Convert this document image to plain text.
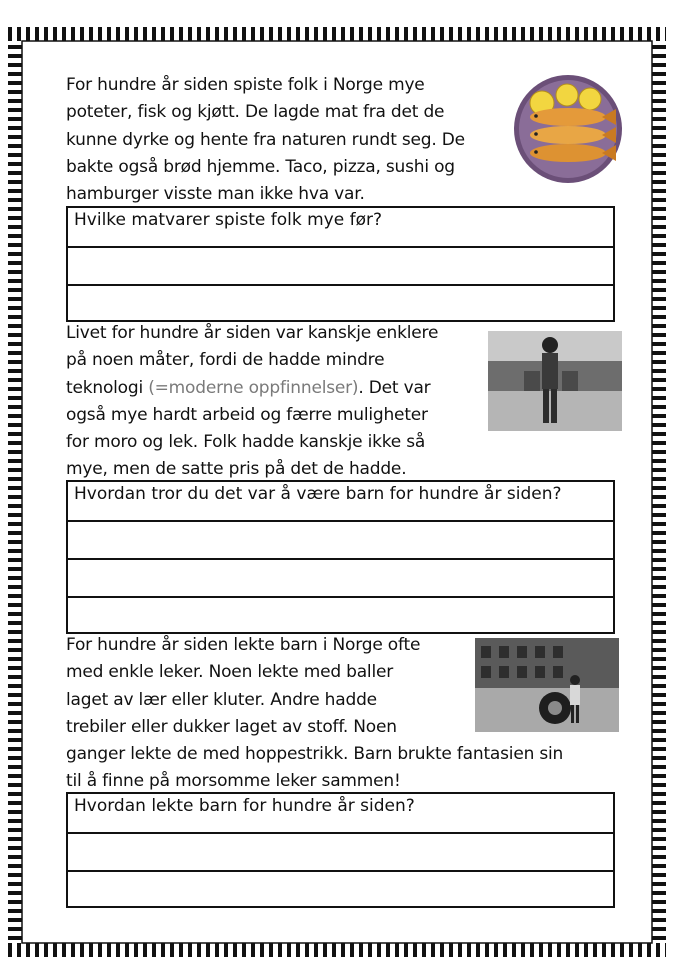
For hundre år siden spiste folk i Norge mye
poteter, fisk og kjøtt. De lagde mat fra det de
kunne dyrke og hente fra naturen rundt seg. De
bakte også brød hjemme. Taco, pizza, sushi og
hamburger visste man ikke hva var.
Hvilke matvarer spiste folk mye før?
Livet for hundre år siden var kanskje enklere
på noen måter, fordi de hadde mindre
teknologi (=moderne oppfinnelser). Det var
også mye hardt arbeid og færre muligheter
for moro og lek. Folk hadde kanskje ikke så
mye, men de satte pris på det de hadde.
Hvordan tror du det var å være barn for hundre år siden?
For hundre år siden lekte barn i Norge ofte
med enkle leker. Noen lekte med baller
laget av lær eller kluter. Andre hadde
trebiler eller dukker laget av stoff. Noen
ganger lekte de med hoppestrikk. Barn brukte fantasien sin
til å finne på morsomme leker sammen!
Hvordan lekte barn for hundre år siden?
